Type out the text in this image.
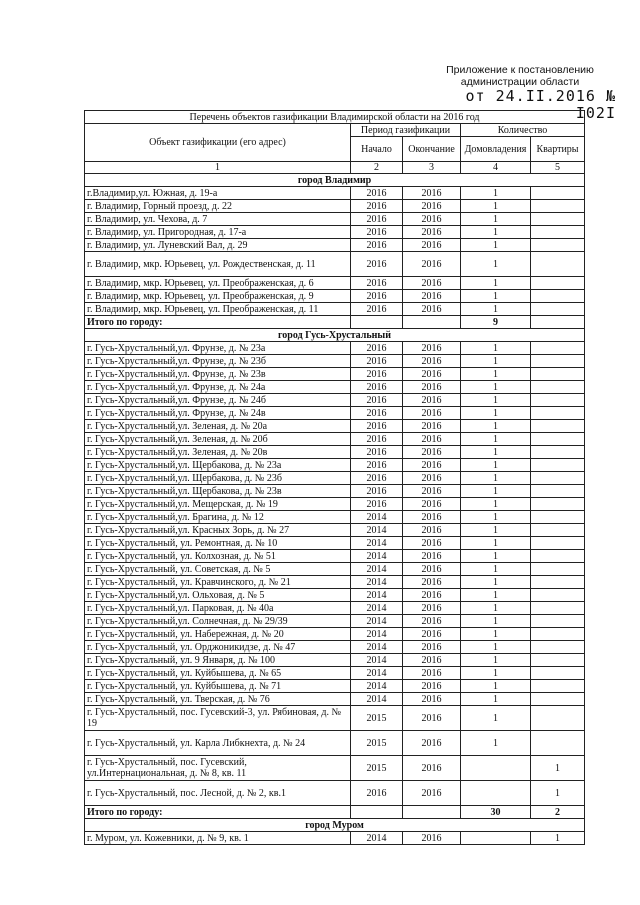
Приложение к постановлению
администрации области
от 24.II.2016 № I02I
Перечень объектов газификации Владимирской области на 2016 год				
Объект газификации (его адрес)	Период газификации		Количество	
	Начало	Окончание	Домовладения	Квартиры
1	2	3	4	5
город Владимир				
г.Владимир,ул. Южная, д. 19-а	2016	2016	1	
г. Владимир, Горный проезд, д. 22	2016	2016	1	
г. Владимир, ул. Чехова, д. 7	2016	2016	1	
г. Владимир, ул. Пригородная, д. 17-а	2016	2016	1	
г. Владимир, ул. Луневский Вал, д. 29	2016	2016	1	
г. Владимир, мкр. Юрьевец, ул. Рождественская, д. 11	2016	2016	1	
г. Владимир, мкр. Юрьевец, ул. Преображенская, д. 6	2016	2016	1	
г. Владимир, мкр. Юрьевец, ул. Преображенская, д. 9	2016	2016	1	
г. Владимир, мкр. Юрьевец, ул. Преображенская, д. 11	2016	2016	1	
Итого по городу:			9	
город Гусь-Хрустальный				
г. Гусь-Хрустальный,ул. Фрунзе, д. № 23а	2016	2016	1	
г. Гусь-Хрустальный,ул. Фрунзе, д. № 23б	2016	2016	1	
г. Гусь-Хрустальный,ул. Фрунзе, д. № 23в	2016	2016	1	
г. Гусь-Хрустальный,ул. Фрунзе, д. № 24а	2016	2016	1	
г. Гусь-Хрустальный,ул. Фрунзе, д. № 24б	2016	2016	1	
г. Гусь-Хрустальный,ул. Фрунзе, д. № 24в	2016	2016	1	
г. Гусь-Хрустальный,ул. Зеленая, д. № 20а	2016	2016	1	
г. Гусь-Хрустальный,ул. Зеленая, д. № 20б	2016	2016	1	
г. Гусь-Хрустальный,ул. Зеленая, д. № 20в	2016	2016	1	
г. Гусь-Хрустальный,ул. Щербакова, д. № 23а	2016	2016	1	
г. Гусь-Хрустальный,ул. Щербакова, д. № 23б	2016	2016	1	
г. Гусь-Хрустальный,ул. Щербакова, д. № 23в	2016	2016	1	
г. Гусь-Хрустальный,ул. Мещерская, д. № 19	2016	2016	1	
г. Гусь-Хрустальный,ул. Брагина, д. № 12	2014	2016	1	
г. Гусь-Хрустальный,ул. Красных Зорь, д. № 27	2014	2016	1	
г. Гусь-Хрустальный, ул. Ремонтная, д. № 10	2014	2016	1	
г. Гусь-Хрустальный, ул. Колхозная, д. № 51	2014	2016	1	
г. Гусь-Хрустальный, ул. Советская, д. № 5	2014	2016	1	
г. Гусь-Хрустальный, ул. Кравчинского, д. № 21	2014	2016	1	
г. Гусь-Хрустальный,ул. Ольховая, д. № 5	2014	2016	1	
г. Гусь-Хрустальный,ул. Парковая, д. № 40а	2014	2016	1	
г. Гусь-Хрустальный,ул. Солнечная, д. № 29/39	2014	2016	1	
г. Гусь-Хрустальный, ул. Набережная, д. № 20	2014	2016	1	
г. Гусь-Хрустальный, ул. Орджоникидзе, д. № 47	2014	2016	1	
г. Гусь-Хрустальный, ул. 9 Января, д. № 100	2014	2016	1	
г. Гусь-Хрустальный, ул. Куйбышева, д. № 65	2014	2016	1	
г. Гусь-Хрустальный, ул. Куйбышева, д. № 71	2014	2016	1	
г. Гусь-Хрустальный, ул. Тверская, д. № 76	2014	2016	1	
г. Гусь-Хрустальный, пос. Гусевский-3, ул. Рябиновая, д. № 19	2015	2016	1	
г. Гусь-Хрустальный, ул. Карла Либкнехта, д. № 24	2015	2016	1	
г. Гусь-Хрустальный, пос. Гусевский, ул.Интернациональная, д. № 8, кв. 11	2015	2016		1
г. Гусь-Хрустальный, пос. Лесной, д. № 2, кв.1	2016	2016		1
Итого по городу:			30	2
город Муром				
г. Муром, ул. Кожевники, д. № 9, кв. 1	2014	2016		1
